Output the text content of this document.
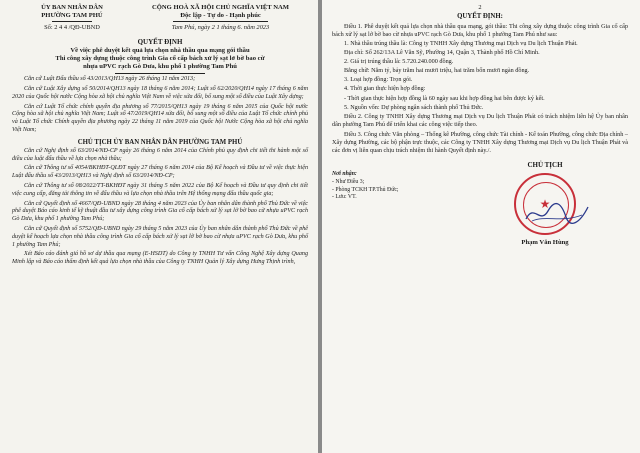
ỦY BAN NHÂN DÂN
PHƯỜNG TAM PHÚ
Số: 2 4 4 /QĐ-UBND
CỘNG HOÀ XÃ HỘI CHỦ NGHĨA VIỆT NAM
Độc lập - Tự do - Hạnh phúc
Tam Phú, ngày 2 1 tháng 6. năm 2023
QUYẾT ĐỊNH
Về việc phê duyệt kết quả lựa chọn nhà thầu qua mạng gói thầu
Thi công xây dựng thuộc công trình Gia cố cấp bách xử lý sạt lở bờ bao cừ
nhựa uPVC rạch Gò Dưa, khu phố 1 phường Tam Phú

Căn cứ Luật Đấu thầu số 43/2013/QH13 ngày 26 tháng 11 năm 2013;

Căn cứ Luật Xây dựng số 50/2014/QH13 ngày 18 tháng 6 năm 2014; Luật số 62/2020/QH14 ngày 17 tháng 6 năm 2020 của Quốc hội nước Cộng hòa xã hội chủ nghĩa Việt Nam về việc sửa đổi, bổ sung một số điều của Luật Xây dựng;

Căn cứ Luật Tổ chức chính quyền địa phương số 77/2015/QH13 ngày 19 tháng 6 năm 2015 của Quốc hội nước Cộng hòa xã hội chủ nghĩa Việt Nam; Luật số 47/2019/QH14 sửa đổi, bổ sung một số điều của Luật Tổ chức chính phủ và Luật Tổ chức Chính quyền địa phương ngày 22 tháng 11 năm 2019 của Quốc hội Nước Cộng hòa xã hội chủ nghĩa Việt Nam;

CHỦ TỊCH ỦY BAN NHÂN DÂN PHƯỜNG TAM PHÚ

Căn cứ Nghị định số 63/2014/NĐ-CP ngày 26 tháng 6 năm 2014 của Chính phủ quy định chi tiết thi hành một số điều của luật đấu thầu về lựa chọn nhà thầu;

Căn cứ Thông tư số 4054/BKHĐT-QLĐT ngày 27 tháng 6 năm 2014 của Bộ Kế hoạch và Đầu tư về việc thực hiện Luật đấu thầu số 43/2013/QH13 và Nghị định số 63/2014/NĐ-CP;

Căn cứ Thông tư số 08/2022/TT-BKHĐT ngày 31 tháng 5 năm 2022 của Bộ Kế hoạch và Đầu tư quy định chi tiết việc cung cấp, đăng tải thông tin về đấu thầu và lựa chọn nhà thầu trên Hệ thống mạng đấu thầu quốc gia;

Căn cứ Quyết định số 4667/QĐ-UBND ngày 28 tháng 4 năm 2023 của Ủy ban nhân dân thành phố Thủ Đức về việc phê duyệt Báo cáo kinh tế kỹ thuật đầu tư xây dựng công trình Gia cố cấp bách xử lý sạt lở bờ bao cừ nhựa uPVC rạch Gò Dưa, khu phố 1 phường Tam Phú;

Căn cứ Quyết định số 5752/QĐ-UBND ngày 29 tháng 5 năm 2023 của Ủy ban nhân dân thành phố Thủ Đức về phê duyệt kế hoạch lựa chọn nhà thầu công trình Gia cố cấp bách xử lý sạt lở bờ bao cừ nhựa uPVC rạch Gò Dưa, khu phố 1 phường Tam Phú;

Xét Báo cáo đánh giá hồ sơ dự thầu qua mạng (E-HSDT) do Công ty TNHH Tư vấn Công Nghệ Xây dựng Quang Minh lập và Báo cáo thẩm định kết quả lựa chọn nhà thầu của Công ty TNHH Quản lý Xây dựng Hưng Thịnh trình,

2
QUYẾT ĐỊNH:

Điều 1. Phê duyệt kết quả lựa chọn nhà thầu qua mạng, gói thầu: Thi công xây dựng thuộc công trình Gia cố cấp bách xử lý sạt lở bờ bao cừ nhựa uPVC rạch Gò Dưa, khu phố 1 phường Tam Phú như sau:

1. Nhà thầu trúng thầu là: Công ty TNHH Xây dựng Thương mại Dịch vụ Du lịch Thuận Phát.

Địa chỉ: Số 262/13A Lê Văn Sỹ, Phường 14, Quận 3, Thành phố Hồ Chí Minh.

2. Giá trị trúng thầu là: 5.720.240.000 đồng.

Bằng chữ: Năm tỷ, bảy trăm hai mươi triệu, hai trăm bốn mươi ngàn đồng.

3. Loại hợp đồng: Trọn gói.

4. Thời gian thực hiện hợp đồng:

- Thời gian thực hiện hợp đồng là 60 ngày sau khi hợp đồng hai bên được ký kết.

5. Nguồn vốn: Dự phòng ngân sách thành phố Thủ Đức.

Điều 2. Công ty TNHH Xây dựng Thương mại Dịch vụ Du lịch Thuận Phát có trách nhiệm liên hệ Ủy ban nhân dân phường Tam Phú để triển khai các công việc tiếp theo.

Điều 3. Công chức Văn phòng – Thống kê Phường, công chức Tài chính - Kế toán Phường, công chức Địa chính – Xây dựng Phường, các bộ phận trực thuộc, các Công ty TNHH Xây dựng Thương mại Dịch vụ Du lịch Thuận Phát và các đơn vị liên quan chịu trách nhiệm thi hành Quyết định này./.

Nơi nhận:
- Như Điều 3;
- Phòng TCKH TP.Thủ Đức;
- Lưu: VT.
CHỦ TỊCH
★
Phạm Văn Hùng
